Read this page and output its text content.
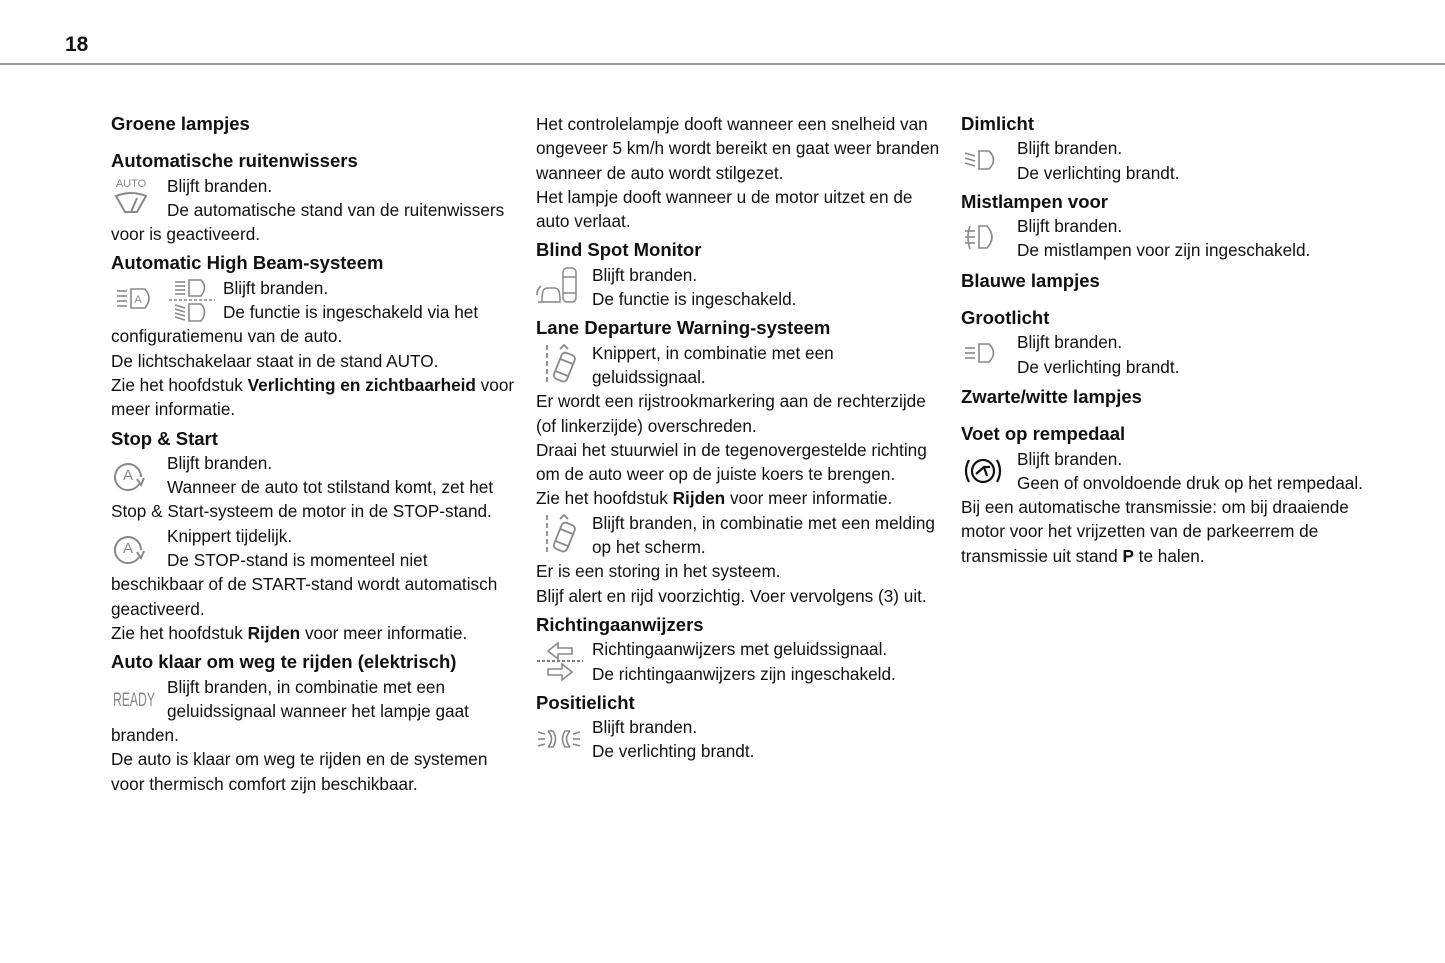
18

Groene lampjes

Automatische ruitenwissers

AUTO	Blijft branden.

De automatische stand van de ruitenwissers voor is geactiveerd.

Automatic High Beam-systeem

A

Blijft branden.

De functie is ingeschakeld via het configuratiemenu van de auto.

De lichtschakelaar staat in de stand AUTO.

Zie het hoofdstuk Verlichting en zichtbaarheid voor meer informatie.

Stop & Start

A

Blijft branden.

Wanneer de auto tot stilstand komt, zet het Stop & Start-systeem de motor in de STOP-stand.

A

Knippert tijdelijk.

De STOP-stand is momenteel niet beschikbaar of de START-stand wordt automatisch geactiveerd.

Zie het hoofdstuk Rijden voor meer informatie.

Auto klaar om weg te rijden (elektrisch)

READY

Blijft branden, in combinatie met een geluidssignaal wanneer het lampje gaat branden.

De auto is klaar om weg te rijden en de systemen voor thermisch comfort zijn beschikbaar.

Het controlelampje dooft wanneer een snelheid van ongeveer 5 km/h wordt bereikt en gaat weer branden wanneer de auto wordt stilgezet.

Het lampje dooft wanneer u de motor uitzet en de auto verlaat.

Blind Spot Monitor

Blijft branden.

De functie is ingeschakeld.

Lane Departure Warning-systeem

Knippert, in combinatie met een geluidssignaal.

Er wordt een rijstrookmarkering aan de rechterzijde (of linkerzijde) overschreden.

Draai het stuurwiel in de tegenovergestelde richting om de auto weer op de juiste koers te brengen.

Zie het hoofdstuk Rijden voor meer informatie.

Blijft branden, in combinatie met een melding op het scherm.

Er is een storing in het systeem.

Blijf alert en rijd voorzichtig. Voer vervolgens (3) uit.

Richtingaanwijzers

Richtingaanwijzers met geluidssignaal.

De richtingaanwijzers zijn ingeschakeld.

Positielicht

Blijft branden.

De verlichting brandt.

Dimlicht

Blijft branden.

De verlichting brandt.

Mistlampen voor

Blijft branden.

De mistlampen voor zijn ingeschakeld.

Blauwe lampjes

Grootlicht

Blijft branden.

De verlichting brandt.

Zwarte/witte lampjes

Voet op rempedaal

Blijft branden.

Geen of onvoldoende druk op het rempedaal.

Bij een automatische transmissie: om bij draaiende motor voor het vrijzetten van de parkeerrem de transmissie uit stand P te halen.
